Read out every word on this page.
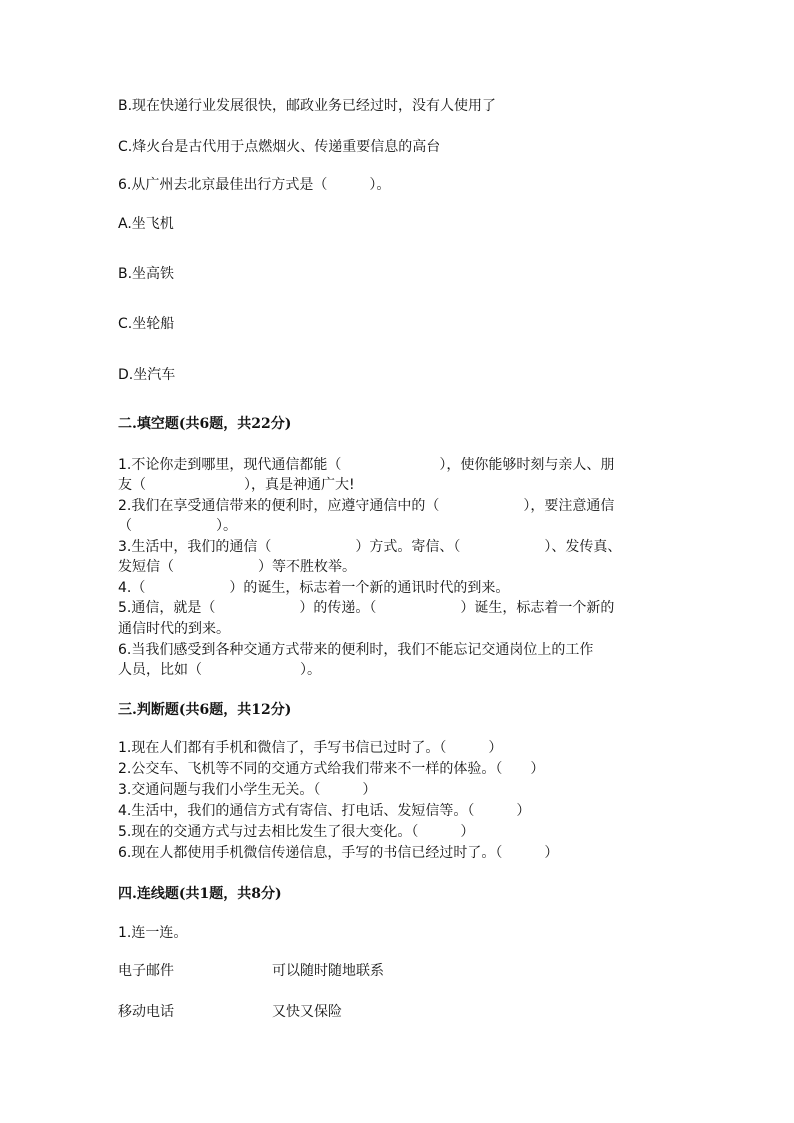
B.现在快递行业发展很快，邮政业务已经过时，没有人使用了
C.烽火台是古代用于点燃烟火、传递重要信息的高台
6.从广州去北京最佳出行方式是（　　　）。
A.坐飞机
B.坐高铁
C.坐轮船
D.坐汽车
二.填空题(共6题，共22分)
1.不论你走到哪里，现代通信都能（　　　　　　　），使你能够时刻与亲人、朋
友（　　　　　　　），真是神通广大!
2.我们在享受通信带来的便利时，应遵守通信中的（　　　　　　），要注意通信
（　　　　　　）。
3.生活中，我们的通信（　　　　　　）方式。寄信、（　　　　　　）、发传真、
发短信（　　　　　　）等不胜枚举。
4.（　　　　　　）的诞生，标志着一个新的通讯时代的到来。
5.通信，就是（　　　　　　）的传递。（　　　　　　）诞生，标志着一个新的
通信时代的到来。
6.当我们感受到各种交通方式带来的便利时，我们不能忘记交通岗位上的工作
人员，比如（　　　　　　　）。
三.判断题(共6题，共12分)
1.现在人们都有手机和微信了，手写书信已过时了。（　　　）
2.公交车、飞机等不同的交通方式给我们带来不一样的体验。（　　）
3.交通问题与我们小学生无关。（　　　）
4.生活中，我们的通信方式有寄信、打电话、发短信等。（　　　）
5.现在的交通方式与过去相比发生了很大变化。（　　　）
6.现在人都使用手机微信传递信息，手写的书信已经过时了。（　　　）
四.连线题(共1题，共8分)
1.连一连。
电子邮件	可以随时随地联系
移动电话	又快又保险
